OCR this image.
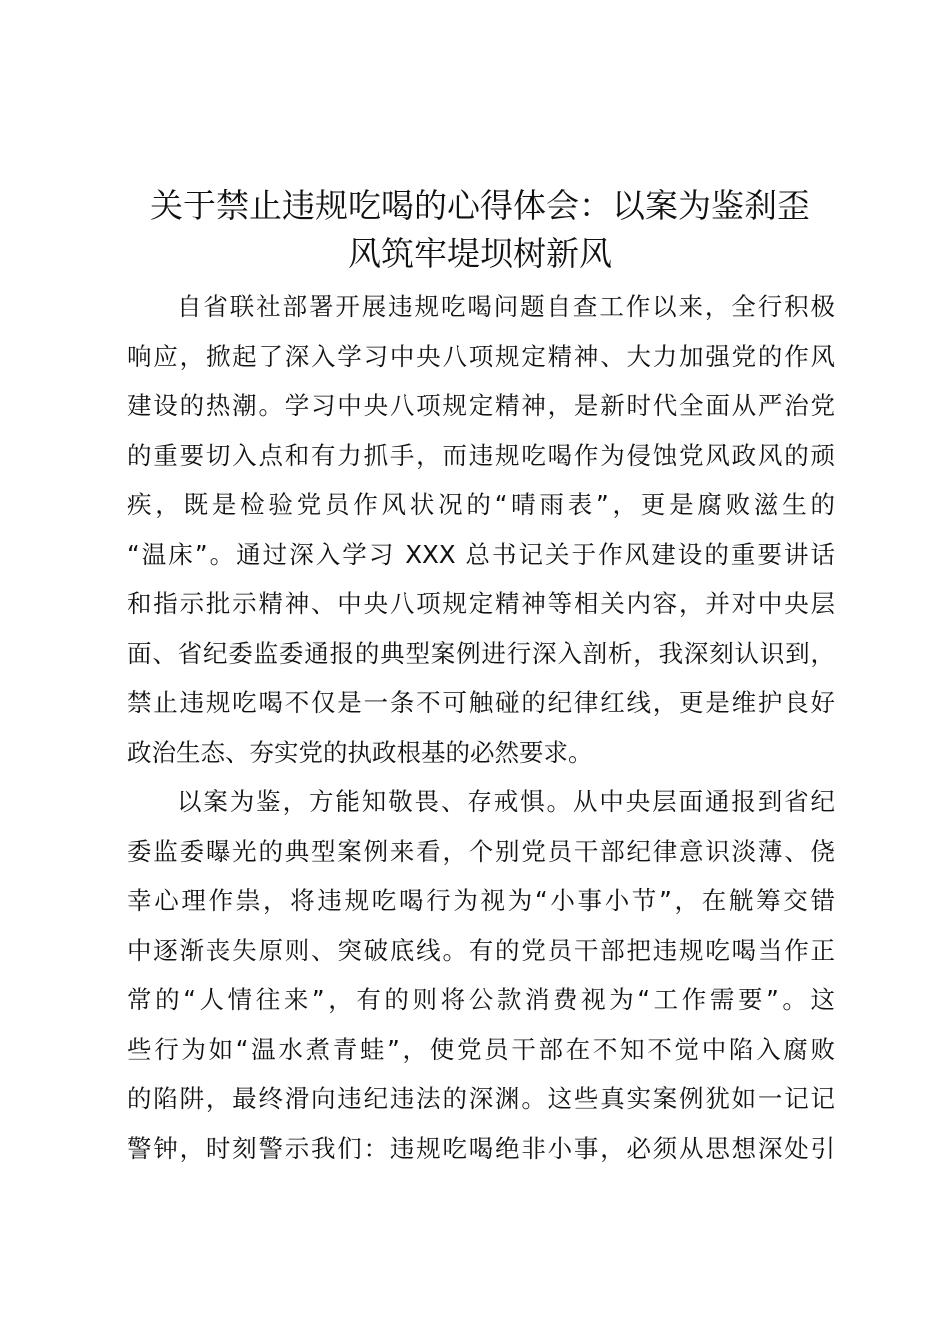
关于禁止违规吃喝的心得体会：以案为鉴刹歪
风筑牢堤坝树新风
自省联社部署开展违规吃喝问题自查工作以来，全行积极
响应，掀起了深入学习中央八项规定精神、大力加强党的作风
建设的热潮。学习中央八项规定精神，是新时代全面从严治党
的重要切入点和有力抓手，而违规吃喝作为侵蚀党风政风的顽
疾，既是检验党员作风状况的“晴雨表”，更是腐败滋生的
“温床”。通过深入学习 XXX 总书记关于作风建设的重要讲话
和指示批示精神、中央八项规定精神等相关内容，并对中央层
面、省纪委监委通报的典型案例进行深入剖析，我深刻认识到，
禁止违规吃喝不仅是一条不可触碰的纪律红线，更是维护良好
政治生态、夯实党的执政根基的必然要求。
以案为鉴，方能知敬畏、存戒惧。从中央层面通报到省纪
委监委曝光的典型案例来看，个别党员干部纪律意识淡薄、侥
幸心理作祟，将违规吃喝行为视为“小事小节”，在觥筹交错
中逐渐丧失原则、突破底线。有的党员干部把违规吃喝当作正
常的“人情往来”，有的则将公款消费视为“工作需要”。这
些行为如“温水煮青蛙”，使党员干部在不知不觉中陷入腐败
的陷阱，最终滑向违纪违法的深渊。这些真实案例犹如一记记
警钟，时刻警示我们：违规吃喝绝非小事，必须从思想深处引
